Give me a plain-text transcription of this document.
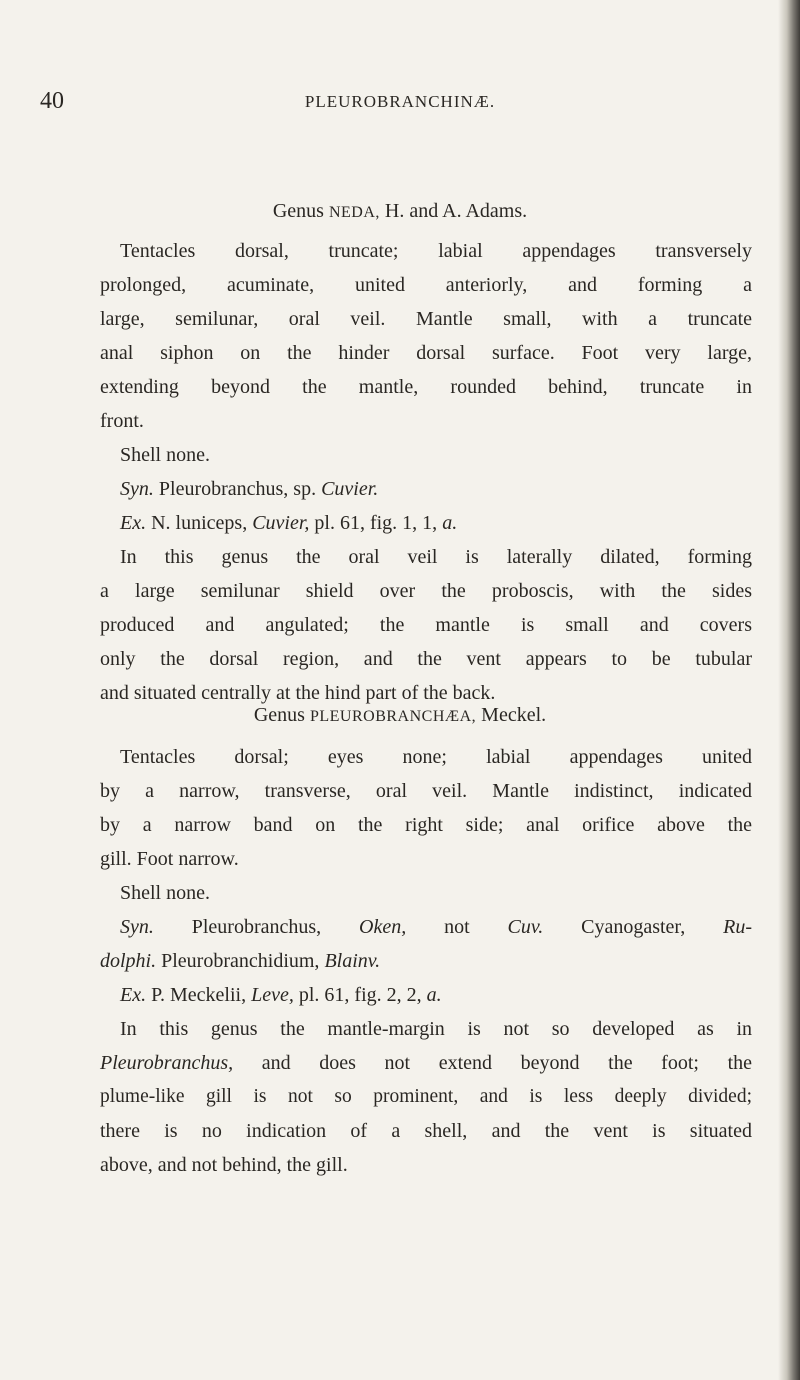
40	PLEUROBRANCHINÆ.
Genus NEDA, H. and A. Adams.
Tentacles dorsal, truncate; labial appendages transversely
prolonged, acuminate, united anteriorly, and forming a
large, semilunar, oral veil. Mantle small, with a truncate
anal siphon on the hinder dorsal surface. Foot very large,
extending beyond the mantle, rounded behind, truncate in
front.
Shell none.
Syn. Pleurobranchus, sp. Cuvier.
Ex. N. luniceps, Cuvier, pl. 61, fig. 1, 1, a.
In this genus the oral veil is laterally dilated, forming
a large semilunar shield over the proboscis, with the sides
produced and angulated; the mantle is small and covers
only the dorsal region, and the vent appears to be tubular
and situated centrally at the hind part of the back.
Genus PLEUROBRANCHÆA, Meckel.
Tentacles dorsal; eyes none; labial appendages united
by a narrow, transverse, oral veil. Mantle indistinct, indicated
by a narrow band on the right side; anal orifice above the
gill. Foot narrow.
Shell none.
Syn. Pleurobranchus, Oken, not Cuv. Cyanogaster, Ru-
dolphi. Pleurobranchidium, Blainv.
Ex. P. Meckelii, Leve, pl. 61, fig. 2, 2, a.
In this genus the mantle-margin is not so developed as in
Pleurobranchus, and does not extend beyond the foot; the
plume-like gill is not so prominent, and is less deeply divided;
there is no indication of a shell, and the vent is situated
above, and not behind, the gill.
